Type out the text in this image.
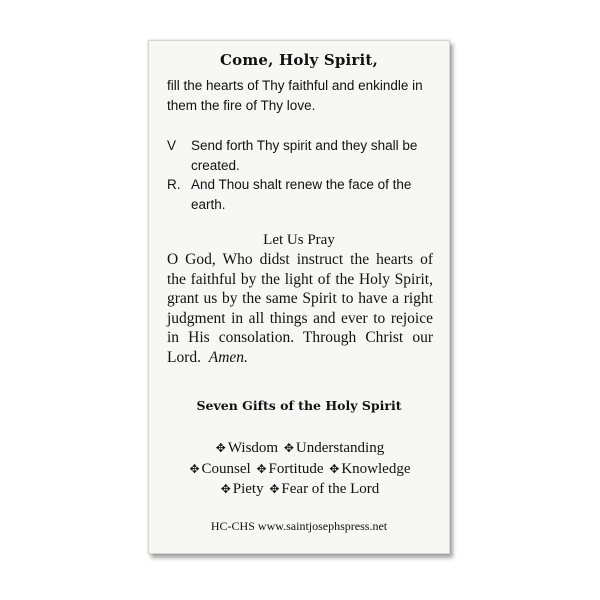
Come, Holy Spirit,
fill the hearts of Thy faithful and enkindle in them the fire of Thy love.
V Send forth Thy spirit and they shall be created.
R. And Thou shalt renew the face of the earth.
Let Us Pray

O God, Who didst instruct the hearts of the faithful by the light of the Holy Spirit, grant us by the same Spirit to have a right judgment in all things and ever to rejoice in His consolation. Through Christ our Lord. Amen.

Seven Gifts of the Holy Spirit
✥ Wisdom ✥ Understanding
✥ Counsel ✥ Fortitude ✥ Knowledge
✥ Piety ✥ Fear of the Lord
HC-CHS www.saintjosephspress.net
